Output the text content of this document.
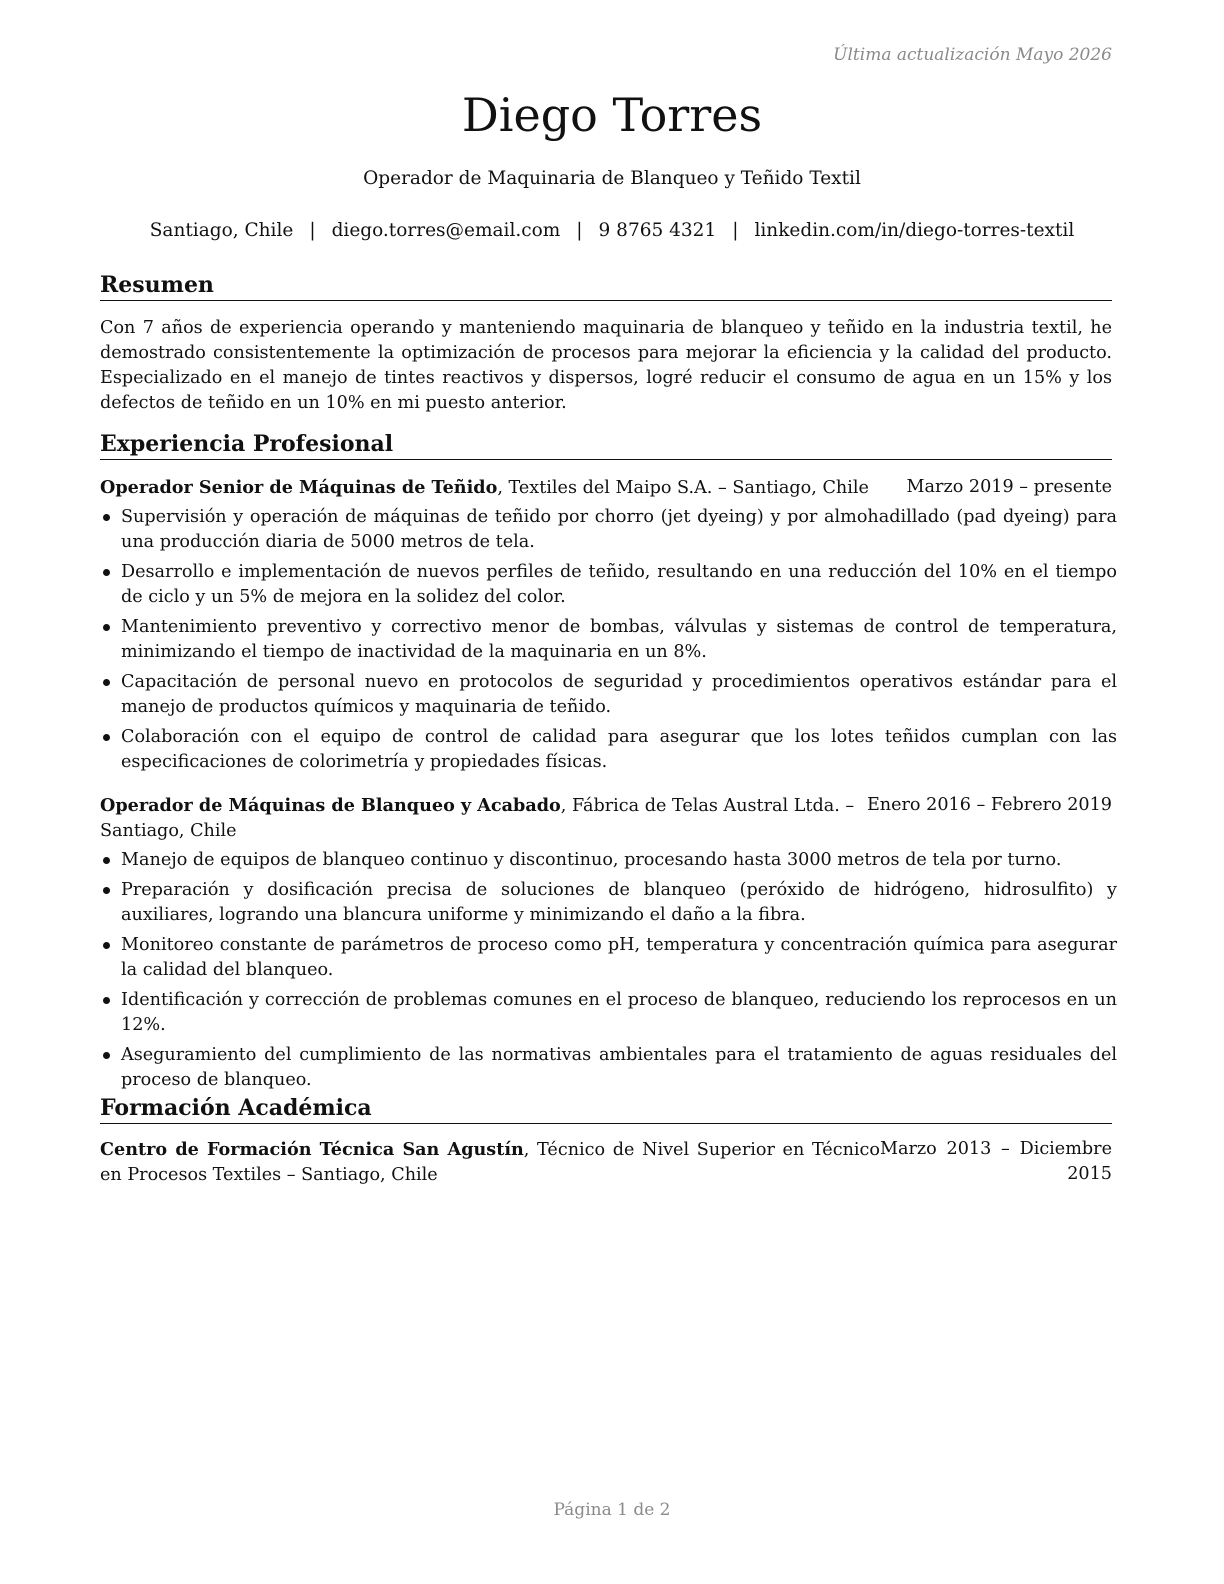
Última actualización Mayo 2026
Diego Torres
Operador de Maquinaria de Blanqueo y Teñido Textil
Santiago, Chile | diego.torres@email.com | 9 8765 4321 | linkedin.com/in/diego-torres-textil
Resumen
Con 7 años de experiencia operando y manteniendo maquinaria de blanqueo y teñido en la industria textil, he demostrado consistentemente la optimización de procesos para mejorar la eficiencia y la calidad del producto. Especializado en el manejo de tintes reactivos y dispersos, logré reducir el consumo de agua en un 15% y los defectos de teñido en un 10% en mi puesto anterior.
Experiencia Profesional
Operador Senior de Máquinas de Teñido, Textiles del Maipo S.A. – Santiago, Chile	Marzo 2019 – presente
Supervisión y operación de máquinas de teñido por chorro (jet dyeing) y por almohadillado (pad dyeing) para una producción diaria de 5000 metros de tela.
Desarrollo e implementación de nuevos perfiles de teñido, resultando en una reducción del 10% en el tiempo de ciclo y un 5% de mejora en la solidez del color.
Mantenimiento preventivo y correctivo menor de bombas, válvulas y sistemas de control de temperatura, minimizando el tiempo de inactividad de la maquinaria en un 8%.
Capacitación de personal nuevo en protocolos de seguridad y procedimientos operativos estándar para el manejo de productos químicos y maquinaria de teñido.
Colaboración con el equipo de control de calidad para asegurar que los lotes teñidos cumplan con las especificaciones de colorimetría y propiedades físicas.
Operador de Máquinas de Blanqueo y Acabado, Fábrica de Telas Austral Ltda. – Santiago, Chile
Enero 2016 – Febrero 2019
Manejo de equipos de blanqueo continuo y discontinuo, procesando hasta 3000 metros de tela por turno.
Preparación y dosificación precisa de soluciones de blanqueo (peróxido de hidrógeno, hidrosulfito) y auxiliares, logrando una blancura uniforme y minimizando el daño a la fibra.
Monitoreo constante de parámetros de proceso como pH, temperatura y concentración química para asegurar la calidad del blanqueo.
Identificación y corrección de problemas comunes en el proceso de blanqueo, reduciendo los reprocesos en un 12%.
Aseguramiento del cumplimiento de las normativas ambientales para el tratamiento de aguas residuales del proceso de blanqueo.
Formación Académica
Centro de Formación Técnica San Agustín, Técnico de Nivel Superior en Técnico en Procesos Textiles – Santiago, Chile
Marzo 2013 – Diciembre 2015
Página 1 de 2
